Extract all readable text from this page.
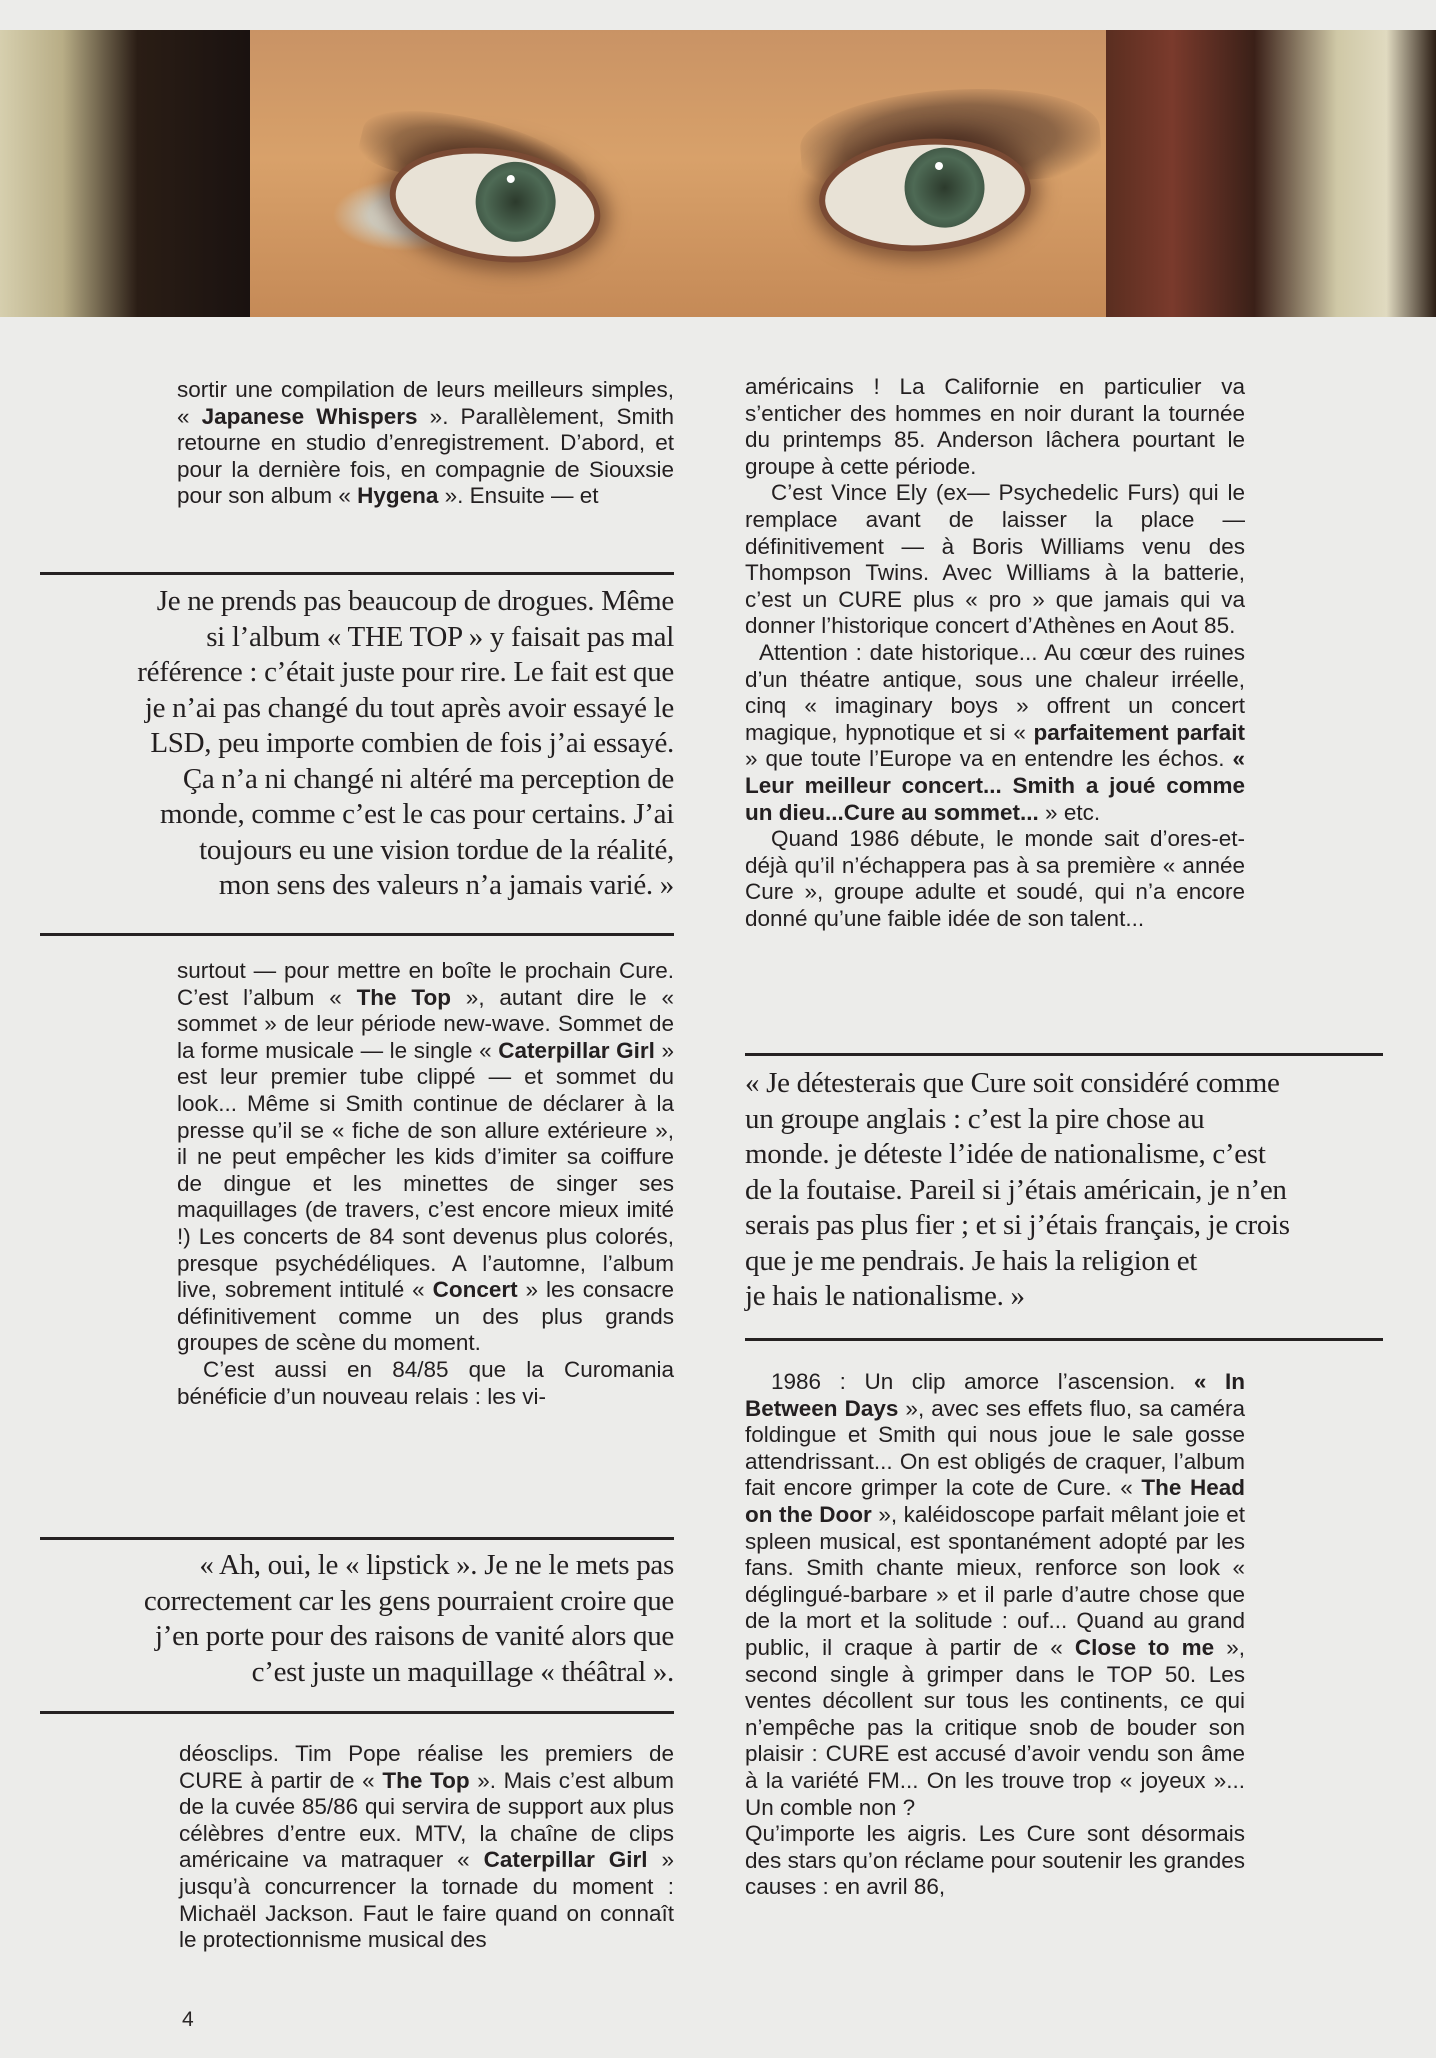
sortir une compilation de leurs meilleurs simples, « Japanese Whispers ». Parallèlement, Smith retourne en studio d’enregistrement. D’abord, et pour la dernière fois, en compagnie de Siouxsie pour son album « Hygena ». Ensuite — et

Je ne prends pas beaucoup de drogues. Même
si l’album « THE TOP » y faisait pas mal
référence : c’était juste pour rire. Le fait est que
je n’ai pas changé du tout après avoir essayé le
LSD, peu importe combien de fois j’ai essayé.
Ça n’a ni changé ni altéré ma perception de
monde, comme c’est le cas pour certains. J’ai
toujours eu une vision tordue de la réalité,
mon sens des valeurs n’a jamais varié. »

surtout — pour mettre en boîte le prochain Cure. C’est l’album « The Top », autant dire le « sommet » de leur période new-wave. Sommet de la forme musicale — le single « Caterpillar Girl » est leur premier tube clippé — et sommet du look... Même si Smith continue de déclarer à la presse qu’il se « fiche de son allure extérieure », il ne peut empêcher les kids d’imiter sa coiffure de dingue et les minettes de singer ses maquillages (de travers, c’est encore mieux imité !) Les concerts de 84 sont devenus plus colorés, presque psychédéliques. A l’automne, l’album live, sobrement intitulé « Concert » les consacre définitivement comme un des plus grands groupes de scène du moment.

C’est aussi en 84/85 que la Curomania bénéficie d’un nouveau relais : les vi-

« Ah, oui, le « lipstick ». Je ne le mets pas
correctement car les gens pourraient croire que
j’en porte pour des raisons de vanité alors que
c’est juste un maquillage « théâtral ».

déosclips. Tim Pope réalise les premiers de CURE à partir de « The Top ». Mais c’est album de la cuvée 85/86 qui servira de support aux plus célèbres d’entre eux. MTV, la chaîne de clips américaine va matraquer « Caterpillar Girl » jusqu’à concurrencer la tornade du moment : Michaël Jackson. Faut le faire quand on connaît le protectionnisme musical des

américains ! La Californie en particulier va s’enticher des hommes en noir durant la tournée du printemps 85. Anderson lâchera pourtant le groupe à cette période.

C’est Vince Ely (ex— Psychedelic Furs) qui le remplace avant de laisser la place — définitivement — à Boris Williams venu des Thompson Twins. Avec Williams à la batterie, c’est un CURE plus « pro » que jamais qui va donner l’historique concert d’Athènes en Aout 85.

Attention : date historique... Au cœur des ruines d’un théatre antique, sous une chaleur irréelle, cinq « imaginary boys » offrent un concert magique, hypnotique et si « parfaitement parfait » que toute l’Europe va en entendre les échos. « Leur meilleur concert... Smith a joué comme un dieu...Cure au sommet... » etc.

Quand 1986 débute, le monde sait d’ores-et-déjà qu’il n’échappera pas à sa première « année Cure », groupe adulte et soudé, qui n’a encore donné qu’une faible idée de son talent...

« Je détesterais que Cure soit considéré comme
un groupe anglais : c’est la pire chose au
monde. je déteste l’idée de nationalisme, c’est
de la foutaise. Pareil si j’étais américain, je n’en
serais pas plus fier ; et si j’étais français, je crois
que je me pendrais. Je hais la religion et
je hais le nationalisme. »

1986 : Un clip amorce l’ascension. « In Between Days », avec ses effets fluo, sa caméra foldingue et Smith qui nous joue le sale gosse attendrissant... On est obligés de craquer, l’album fait encore grimper la cote de Cure. « The Head on the Door », kaléidoscope parfait mêlant joie et spleen musical, est spontanément adopté par les fans. Smith chante mieux, renforce son look « déglingué-barbare » et il parle d’autre chose que de la mort et la solitude : ouf... Quand au grand public, il craque à partir de « Close to me », second single à grimper dans le TOP 50. Les ventes décollent sur tous les continents, ce qui n’empêche pas la critique snob de bouder son plaisir : CURE est accusé d’avoir vendu son âme à la variété FM... On les trouve trop « joyeux »... Un comble non ?

Qu’importe les aigris. Les Cure sont désormais des stars qu’on réclame pour soutenir les grandes causes : en avril 86,

4
